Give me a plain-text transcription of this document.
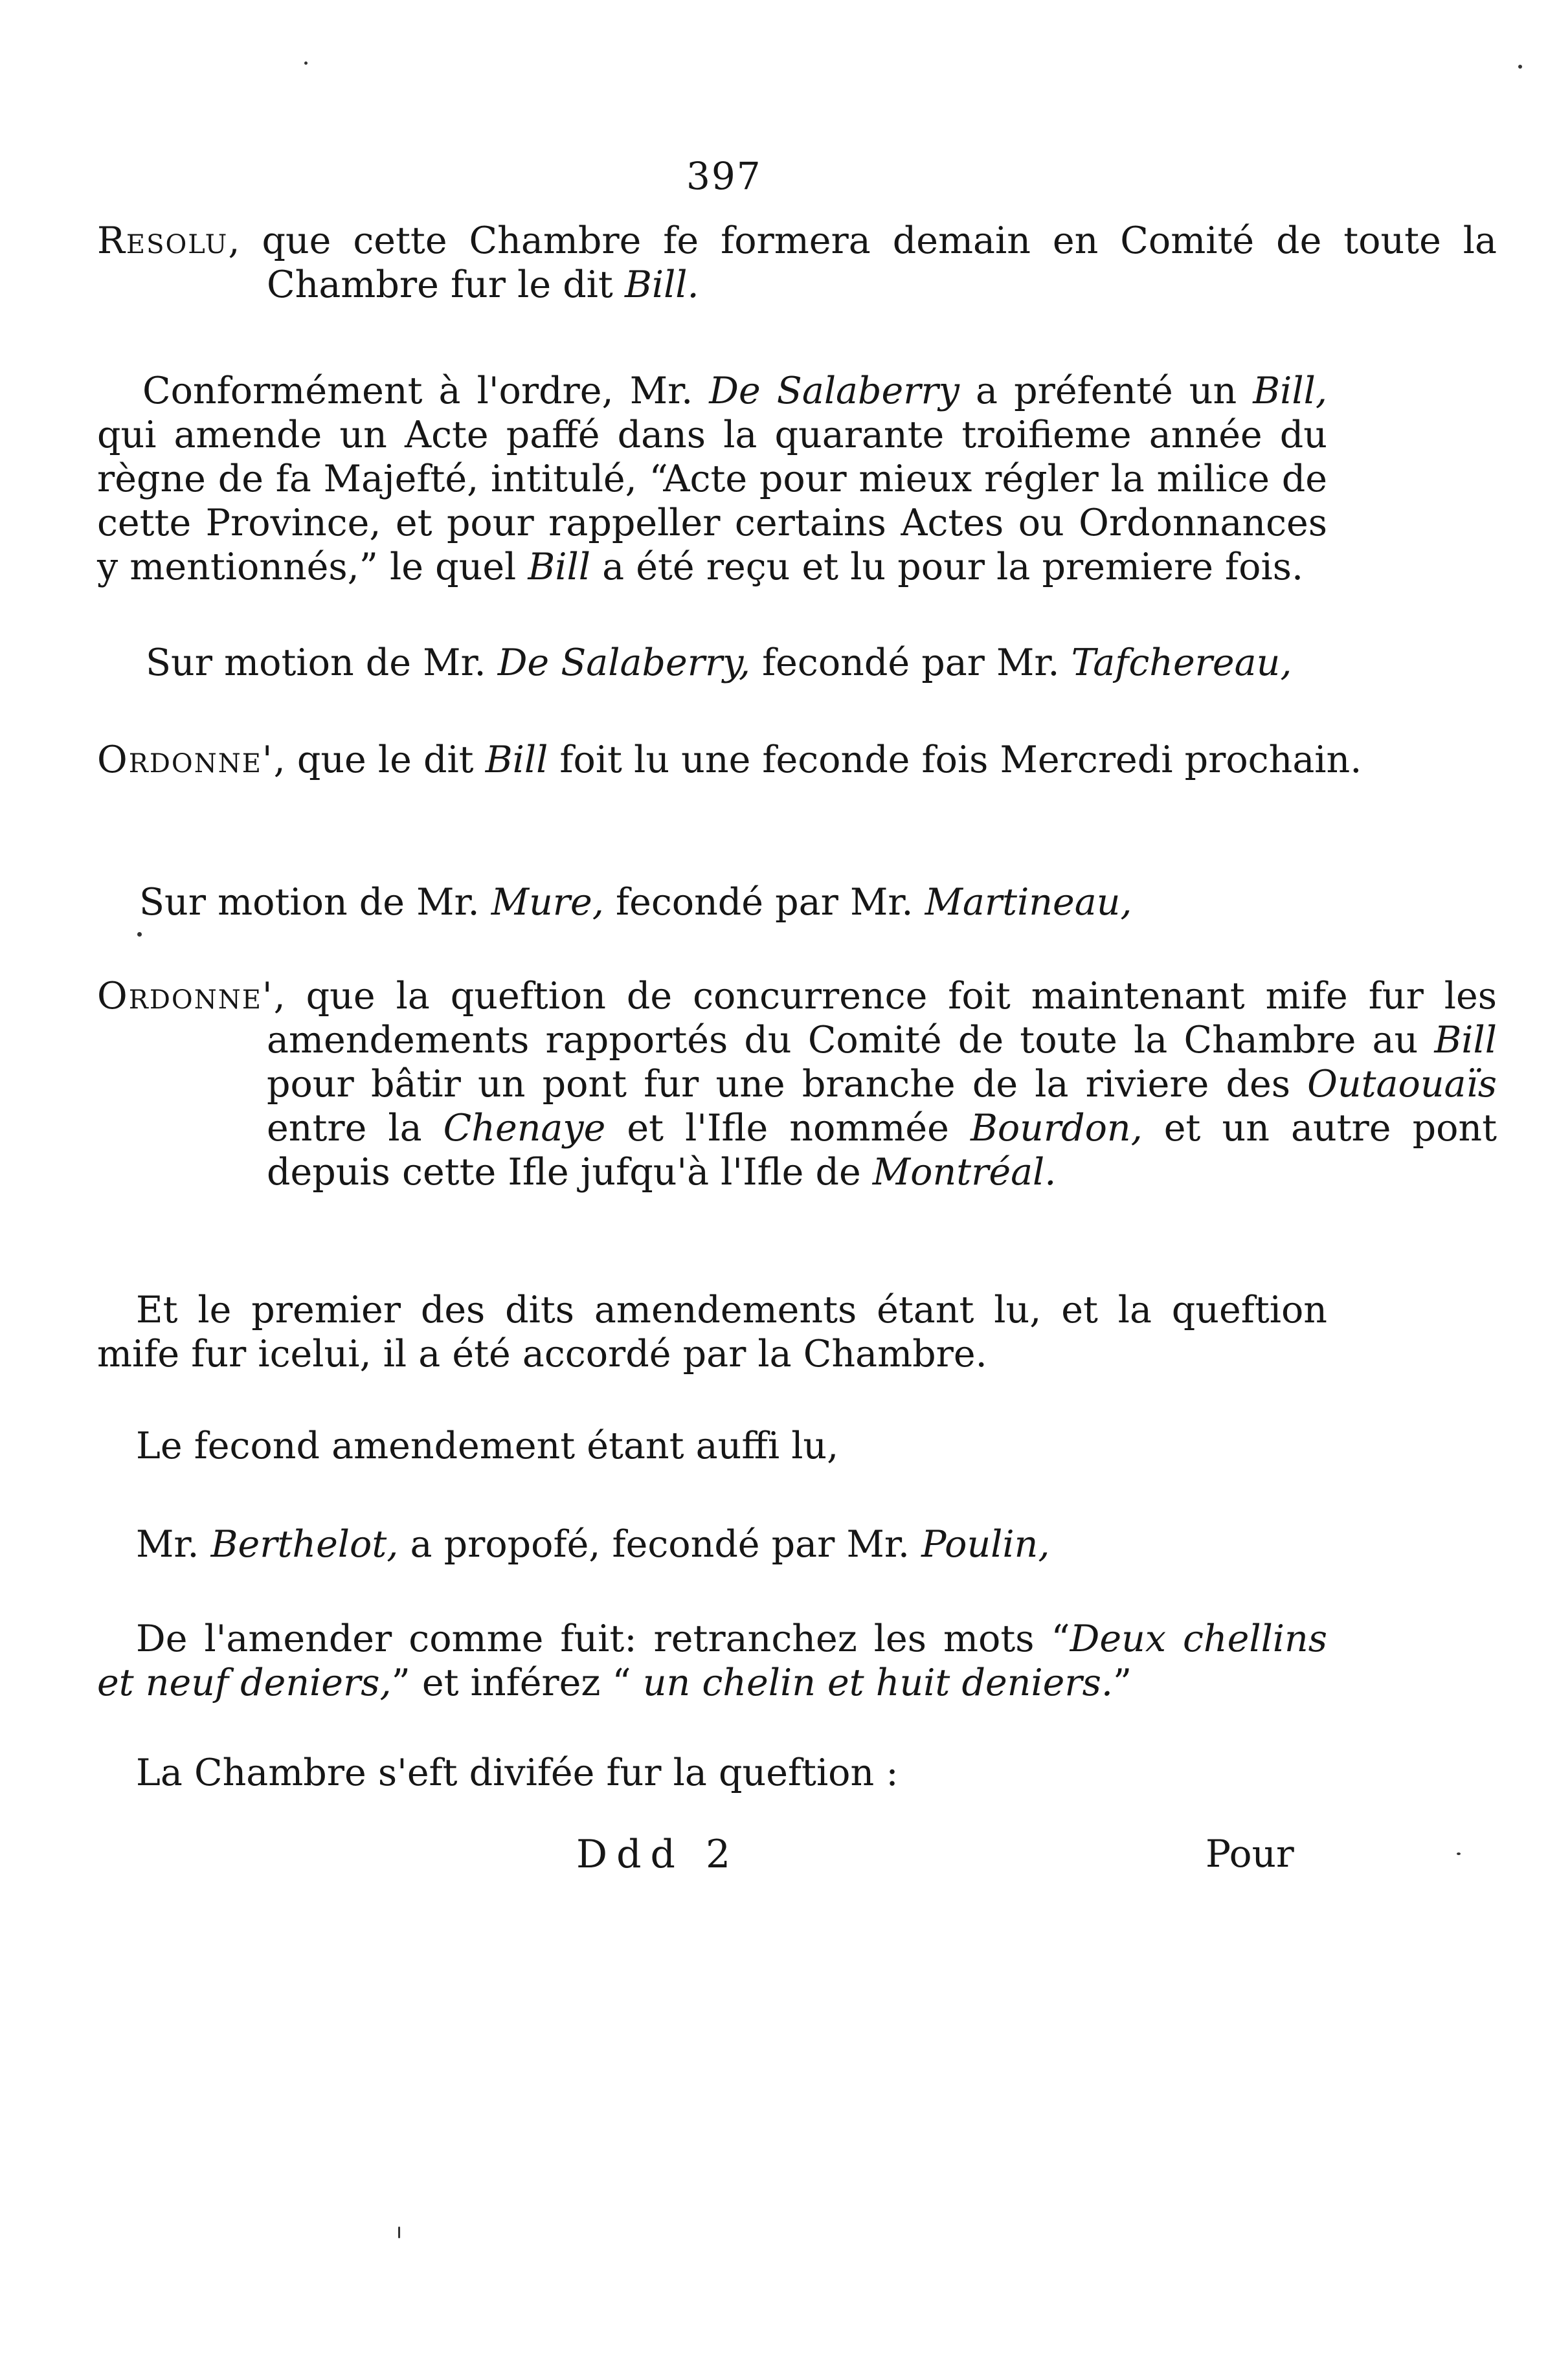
397

Resolu, que cette Chambre fe formera demain en Comité de toute la Chambre fur le dit Bill.

Conformément à l'ordre, Mr. De Salaberry a préfenté un Bill, qui amende un Acte paffé dans la quarante troifieme année du règne de fa Majefté, intitulé, “Acte pour mieux régler la milice de cette Province, et pour rappeller certains Actes ou Ordonnances y mentionnés,” le quel Bill a été reçu et lu pour la premiere fois.

Sur motion de Mr. De Salaberry, fecondé par Mr. Tafchereau,

Ordonne', que le dit Bill foit lu une feconde fois Mercredi prochain.

Sur motion de Mr. Mure, fecondé par Mr. Martineau,

Ordonne', que la queftion de concurrence foit maintenant mife fur les amendements rapportés du Comité de toute la Chambre au Bill pour bâtir un pont fur une branche de la riviere des Outaouaïs entre la Chenaye et l'Ifle nommée Bourdon, et un autre pont depuis cette Ifle jufqu'à l'Ifle de Montréal.

Et le premier des dits amendements étant lu, et la queftion mife fur icelui, il a été accordé par la Chambre.

Le fecond amendement étant auffi lu,

Mr. Berthelot, a propofé, fecondé par Mr. Poulin,

De l'amender comme fuit: retranchez les mots “Deux chellins et neuf deniers,” et inférez “ un chelin et huit deniers.”

La Chambre s'eft divifée fur la queftion :

Ddd 2	Pour
